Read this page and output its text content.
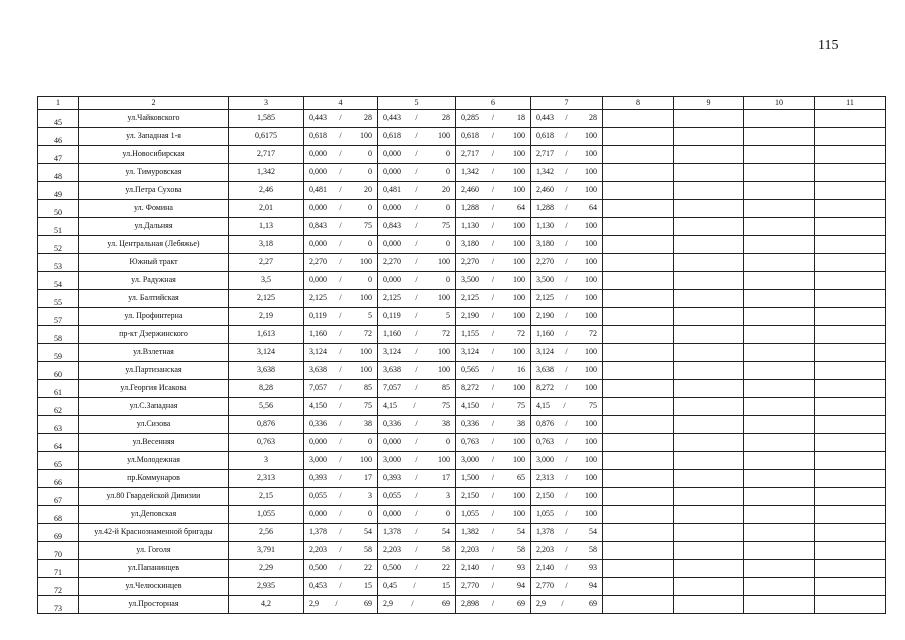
115
1	2	3	4	5	6	7	8	9	10	11
45	ул.Чайковского	1,585	0,443 / 28	0,443 / 28	0,285 / 18	0,443 / 28				

46	ул. Западная 1-я	0,6175	0,618 / 100	0,618 / 100	0,618 / 100	0,618 / 100				

47	ул.Новосибирская	2,717	0,000 / 0	0,000 / 0	2,717 / 100	2,717 / 100				

48	ул. Тимуровская	1,342	0,000 / 0	0,000 / 0	1,342 / 100	1,342 / 100				

49	ул.Петра Сухова	2,46	0,481 / 20	0,481 / 20	2,460 / 100	2,460 / 100				

50	ул. Фомина	2,01	0,000 / 0	0,000 / 0	1,288 / 64	1,288 / 64				

51	ул.Дальняя	1,13	0,843 / 75	0,843 / 75	1,130 / 100	1,130 / 100				

52	ул. Центральная (Лебяжье)	3,18	0,000 / 0	0,000 / 0	3,180 / 100	3,180 / 100				

53	Южный тракт	2,27	2,270 / 100	2,270 / 100	2,270 / 100	2,270 / 100				

54	ул. Радужная	3,5	0,000 / 0	0,000 / 0	3,500 / 100	3,500 / 100				

55	ул. Балтийская	2,125	2,125 / 100	2,125 / 100	2,125 / 100	2,125 / 100				

57	ул. Профинтерна	2,19	0,119 / 5	0,119 / 5	2,190 / 100	2,190 / 100				

58	пр-кт Дзержинского	1,613	1,160 / 72	1,160 / 72	1,155 / 72	1,160 / 72				

59	ул.Взлетная	3,124	3,124 / 100	3,124 / 100	3,124 / 100	3,124 / 100				

60	ул.Партизанская	3,638	3,638 / 100	3,638 / 100	0,565 / 16	3,638 / 100				

61	ул.Георгия Исакова	8,28	7,057 / 85	7,057 / 85	8,272 / 100	8,272 / 100				

62	ул.С.Западная	5,56	4,150 / 75	4,15 / 75	4,150 / 75	4,15 / 75				

63	ул.Сизова	0,876	0,336 / 38	0,336 / 38	0,336 / 38	0,876 / 100				

64	ул.Весенняя	0,763	0,000 / 0	0,000 / 0	0,763 / 100	0,763 / 100				

65	ул.Молодежная	3	3,000 / 100	3,000 / 100	3,000 / 100	3,000 / 100				

66	пр.Коммунаров	2,313	0,393 / 17	0,393 / 17	1,500 / 65	2,313 / 100				

67	ул.80 Гвардейской Дивизии	2,15	0,055 / 3	0,055 / 3	2,150 / 100	2,150 / 100				

68	ул.Деповская	1,055	0,000 / 0	0,000 / 0	1,055 / 100	1,055 / 100				

69	ул.42-й Краснознаменной бригады	2,56	1,378 / 54	1,378 / 54	1,382 / 54	1,378 / 54				

70	ул. Гоголя	3,791	2,203 / 58	2,203 / 58	2,203 / 58	2,203 / 58				

71	ул.Папанинцев	2,29	0,500 / 22	0,500 / 22	2,140 / 93	2,140 / 93				

72	ул.Челюскинцев	2,935	0,453 / 15	0,45 / 15	2,770 / 94	2,770 / 94				

73	ул.Просторная	4,2	2,9 / 69	2,9 / 69	2,898 / 69	2,9 / 69				
